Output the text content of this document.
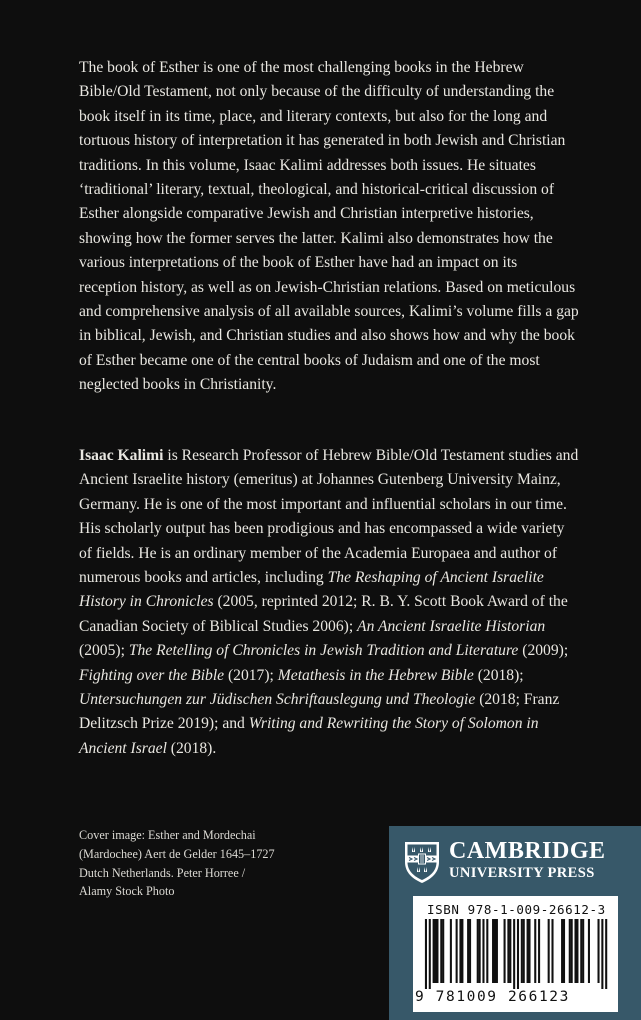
The book of Esther is one of the most challenging books in the Hebrew Bible/Old Testament, not only because of the difficulty of understanding the book itself in its time, place, and literary contexts, but also for the long and tortuous history of interpretation it has generated in both Jewish and Christian traditions. In this volume, Isaac Kalimi addresses both issues. He situates ‘traditional’ literary, textual, theological, and historical-critical discussion of Esther alongside comparative Jewish and Christian interpretive histories, showing how the former serves the latter. Kalimi also demonstrates how the various interpretations of the book of Esther have had an impact on its reception history, as well as on Jewish-Christian relations. Based on meticulous and comprehensive analysis of all available sources, Kalimi’s volume fills a gap in biblical, Jewish, and Christian studies and also shows how and why the book of Esther became one of the central books of Judaism and one of the most neglected books in Christianity.

Isaac Kalimi is Research Professor of Hebrew Bible/Old Testament studies and Ancient Israelite history (emeritus) at Johannes Gutenberg University Mainz, Germany. He is one of the most important and influential scholars in our time. His scholarly output has been prodigious and has encompassed a wide variety of fields. He is an ordinary member of the Academia Europaea and author of numerous books and articles, including The Reshaping of Ancient Israelite History in Chronicles (2005, reprinted 2012; R. B. Y. Scott Book Award of the Canadian Society of Biblical Studies 2006); An Ancient Israelite Historian (2005); The Retelling of Chronicles in Jewish Tradition and Literature (2009); Fighting over the Bible (2017); Metathesis in the Hebrew Bible (2018); Untersuchungen zur Jüdischen Schriftauslegung und Theologie (2018; Franz Delitzsch Prize 2019); and Writing and Rewriting the Story of Solomon in Ancient Israel (2018).

Cover image: Esther and Mordechai
(Mardochee) Aert de Gelder 1645–1727
Dutch Netherlands. Peter Horree /
Alamy Stock Photo
CAMBRIDGE
UNIVERSITY PRESS
ISBN 978-1-009-26612-3
9 781009 266123
